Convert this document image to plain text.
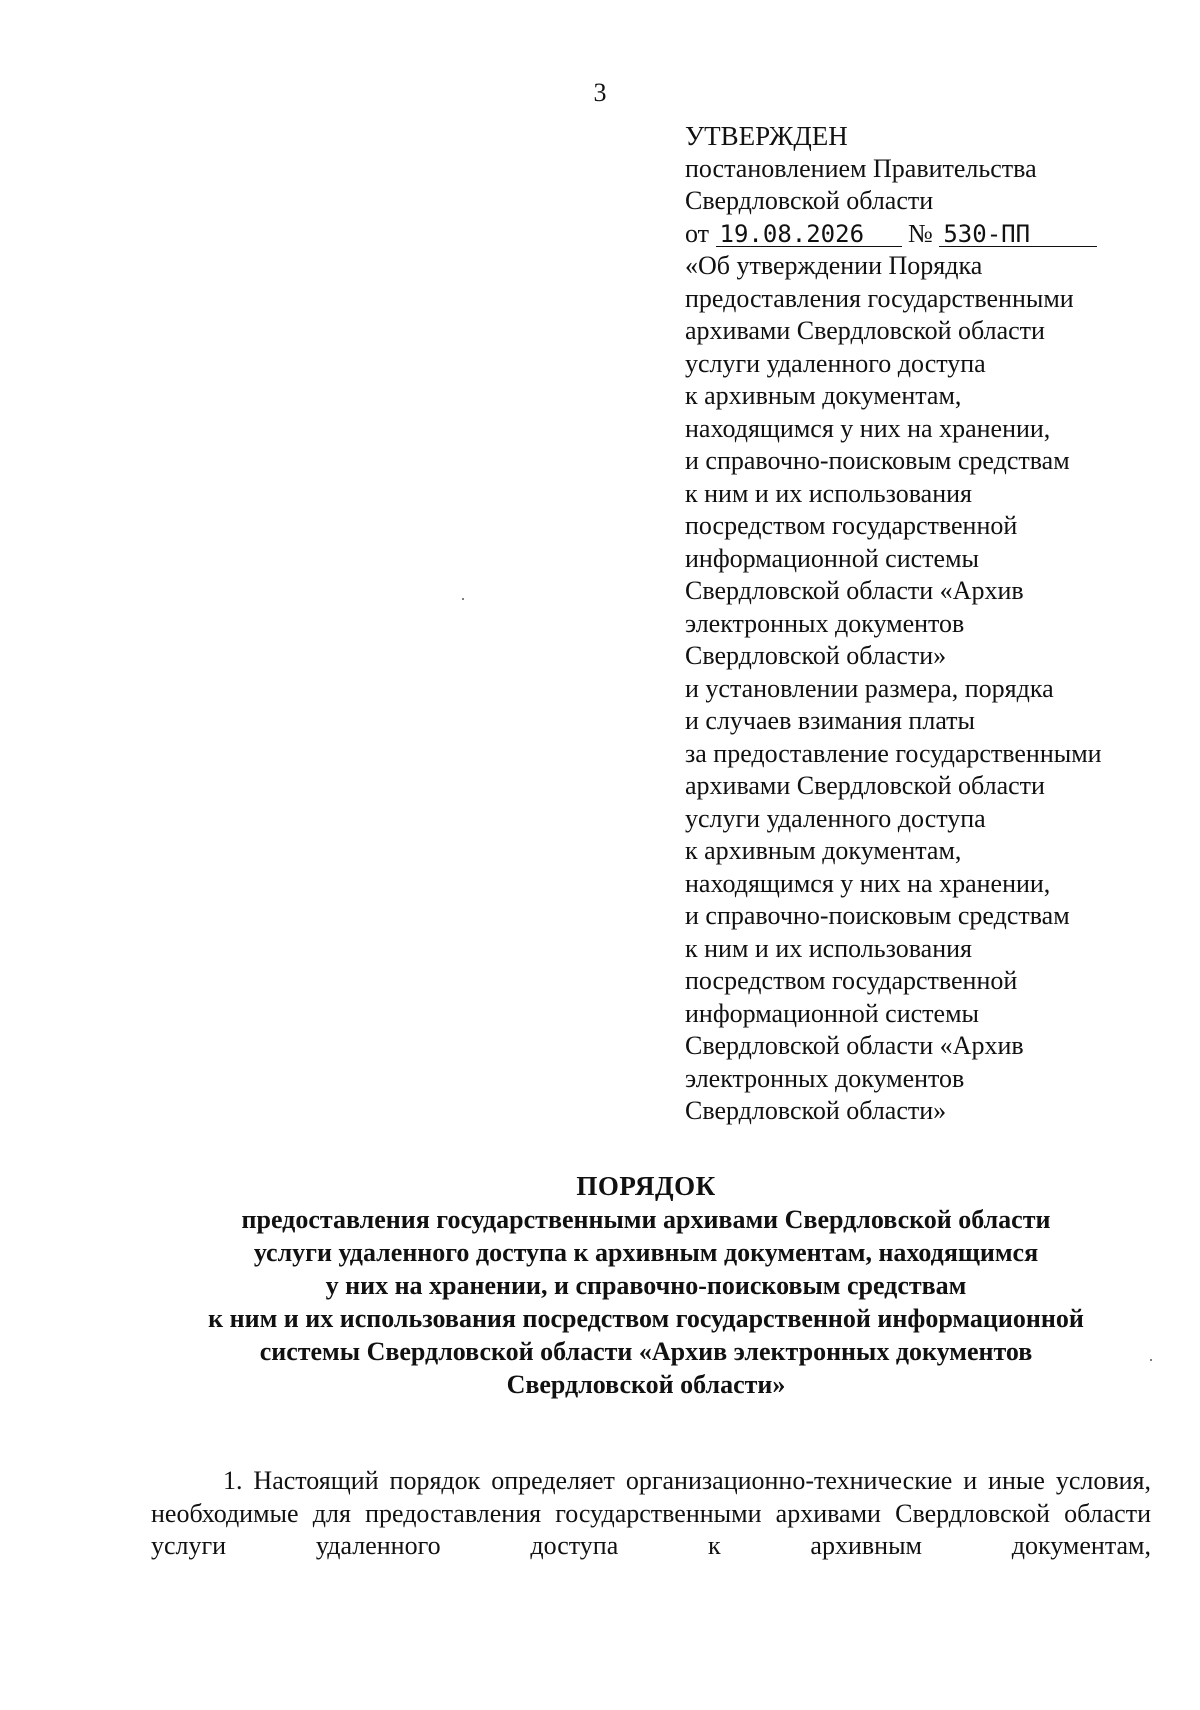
3
УТВЕРЖДЕН
постановлением Правительства
Свердловской области
от 19.08.2026 № 530-ПП
«Об утверждении Порядка
предоставления государственными
архивами Свердловской области
услуги удаленного доступа
к архивным документам,
находящимся у них на хранении,
и справочно-поисковым средствам
к ним и их использования
посредством государственной
информационной системы
Свердловской области «Архив
электронных документов
Свердловской области»
и установлении размера, порядка
и случаев взимания платы
за предоставление государственными
архивами Свердловской области
услуги удаленного доступа
к архивным документам,
находящимся у них на хранении,
и справочно-поисковым средствам
к ним и их использования
посредством государственной
информационной системы
Свердловской области «Архив
электронных документов
Свердловской области»
ПОРЯДОК
предоставления государственными архивами Свердловской области
услуги удаленного доступа к архивным документам, находящимся
у них на хранении, и справочно-поисковым средствам
к ним и их использования посредством государственной информационной
системы Свердловской области «Архив электронных документов
Свердловской области»
1. Настоящий порядок определяет организационно-технические и иные условия, необходимые для предоставления государственными архивами Свердловской области услуги удаленного доступа к архивным документам,
